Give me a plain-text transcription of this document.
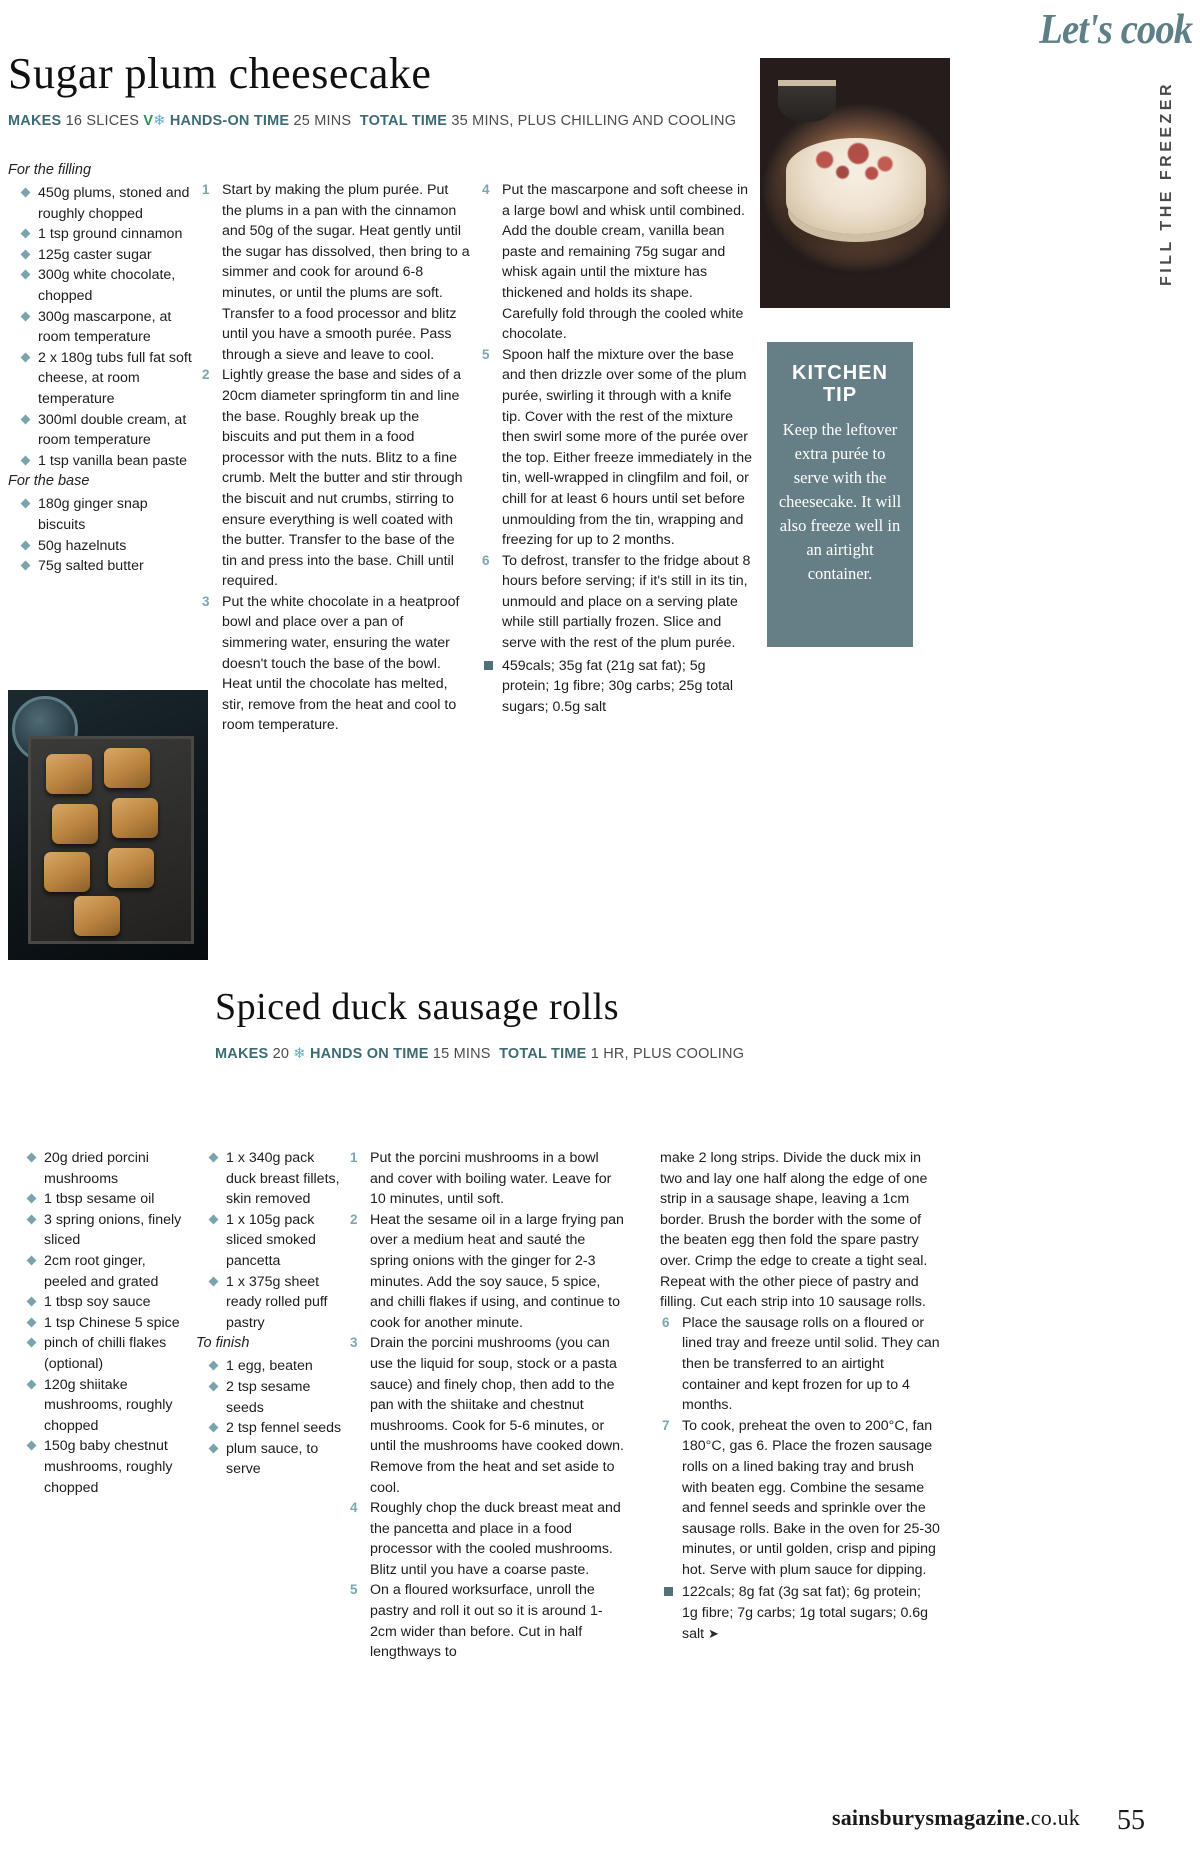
Let's cook
FILL THE FREEZER
Sugar plum cheesecake
MAKES 16 SLICES V❄ HANDS-ON TIME 25 MINS TOTAL TIME 35 MINS, PLUS CHILLING AND COOLING
KITCHEN TIP
Keep the leftover extra purée to serve with the cheesecake. It will also freeze well in an airtight container.
For the filling
450g plums, stoned and roughly chopped
1 tsp ground cinnamon
125g caster sugar
300g white chocolate, chopped
300g mascarpone, at room temperature
2 x 180g tubs full fat soft cheese, at room temperature
300ml double cream, at room temperature
1 tsp vanilla bean paste
For the base
180g ginger snap biscuits
50g hazelnuts
75g salted butter
Start by making the plum purée. Put the plums in a pan with the cinnamon and 50g of the sugar. Heat gently until the sugar has dissolved, then bring to a simmer and cook for around 6-8 minutes, or until the plums are soft. Transfer to a food processor and blitz until you have a smooth purée. Pass through a sieve and leave to cool.
Lightly grease the base and sides of a 20cm diameter springform tin and line the base. Roughly break up the biscuits and put them in a food processor with the nuts. Blitz to a fine crumb. Melt the butter and stir through the biscuit and nut crumbs, stirring to ensure everything is well coated with the butter. Transfer to the base of the tin and press into the base. Chill until required.
Put the white chocolate in a heatproof bowl and place over a pan of simmering water, ensuring the water doesn't touch the base of the bowl. Heat until the chocolate has melted, stir, remove from the heat and cool to room temperature.
Put the mascarpone and soft cheese in a large bowl and whisk until combined. Add the double cream, vanilla bean paste and remaining 75g sugar and whisk again until the mixture has thickened and holds its shape. Carefully fold through the cooled white chocolate.
Spoon half the mixture over the base and then drizzle over some of the plum purée, swirling it through with a knife tip. Cover with the rest of the mixture then swirl some more of the purée over the top. Either freeze immediately in the tin, well-wrapped in clingfilm and foil, or chill for at least 6 hours until set before unmoulding from the tin, wrapping and freezing for up to 2 months.
To defrost, transfer to the fridge about 8 hours before serving; if it's still in its tin, unmould and place on a serving plate while still partially frozen. Slice and serve with the rest of the plum purée.
459cals; 35g fat (21g sat fat); 5g protein; 1g fibre; 30g carbs; 25g total sugars; 0.5g salt
Spiced duck sausage rolls
MAKES 20 ❄ HANDS ON TIME 15 MINS TOTAL TIME 1 HR, PLUS COOLING
20g dried porcini mushrooms
1 tbsp sesame oil
3 spring onions, finely sliced
2cm root ginger, peeled and grated
1 tbsp soy sauce
1 tsp Chinese 5 spice
pinch of chilli flakes (optional)
120g shiitake mushrooms, roughly chopped
150g baby chestnut mushrooms, roughly chopped
1 x 340g pack duck breast fillets, skin removed
1 x 105g pack sliced smoked pancetta
1 x 375g sheet ready rolled puff pastry
To finish
1 egg, beaten
2 tsp sesame seeds
2 tsp fennel seeds
plum sauce, to serve
Put the porcini mushrooms in a bowl and cover with boiling water. Leave for 10 minutes, until soft.
Heat the sesame oil in a large frying pan over a medium heat and sauté the spring onions with the ginger for 2-3 minutes. Add the soy sauce, 5 spice, and chilli flakes if using, and continue to cook for another minute.
Drain the porcini mushrooms (you can use the liquid for soup, stock or a pasta sauce) and finely chop, then add to the pan with the shiitake and chestnut mushrooms. Cook for 5-6 minutes, or until the mushrooms have cooked down. Remove from the heat and set aside to cool.
Roughly chop the duck breast meat and the pancetta and place in a food processor with the cooled mushrooms. Blitz until you have a coarse paste.
On a floured worksurface, unroll the pastry and roll it out so it is around 1-2cm wider than before. Cut in half lengthways to
make 2 long strips. Divide the duck mix in two and lay one half along the edge of one strip in a sausage shape, leaving a 1cm border. Brush the border with the some of the beaten egg then fold the spare pastry over. Crimp the edge to create a tight seal. Repeat with the other piece of pastry and filling. Cut each strip into 10 sausage rolls.
Place the sausage rolls on a floured or lined tray and freeze until solid. They can then be transferred to an airtight container and kept frozen for up to 4 months.
To cook, preheat the oven to 200°C, fan 180°C, gas 6. Place the frozen sausage rolls on a lined baking tray and brush with beaten egg. Combine the sesame and fennel seeds and sprinkle over the sausage rolls. Bake in the oven for 25-30 minutes, or until golden, crisp and piping hot. Serve with plum sauce for dipping.
122cals; 8g fat (3g sat fat); 6g protein; 1g fibre; 7g carbs; 1g total sugars; 0.6g salt ➤
sainsburysmagazine.co.uk 55
